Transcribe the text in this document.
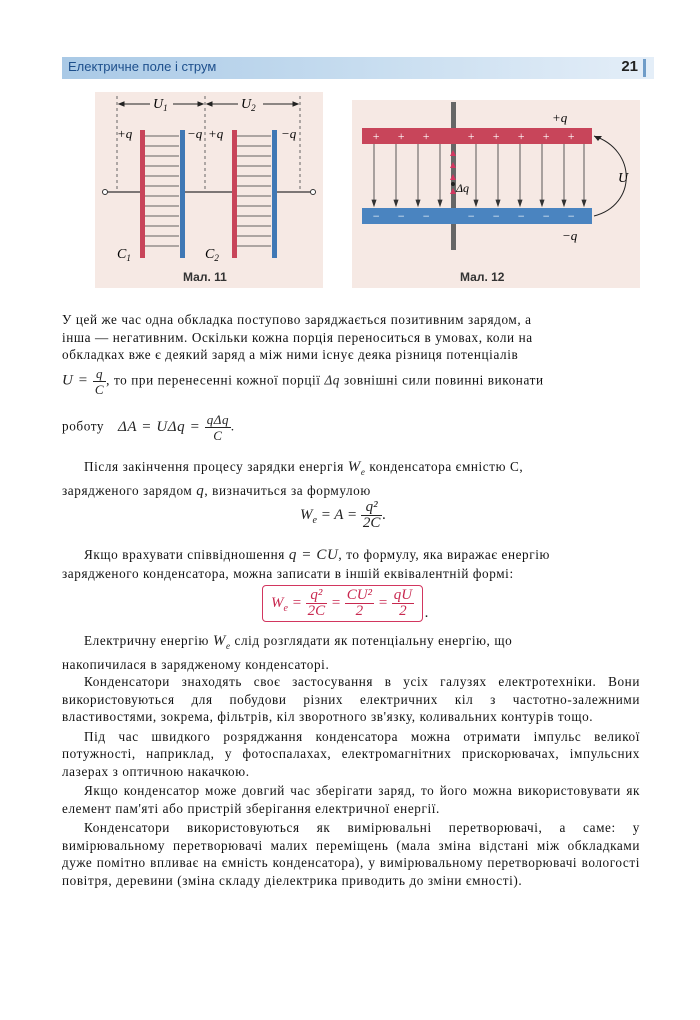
Електричне поле і струм	21
$U_1$	$U_2$
+q	−q +q	−q
$C_1$	$C_2$
Мал. 11
+ + +	+ + + + +
− − −	− − − − −
Δq
U
+q
−q
Мал. 12

У цей же час одна обкладка поступово заряджається позитивним зарядом, а

інша — негативним. Оскільки кожна порція переноситься в умовах, коли на

обкладках вже є деякий заряд а між ними існує деяка різниця потенціалів

$U = \frac{q}{C}$ , то при перенесенні кожної порції Δq зовнішні сили повинні виконати
роботу $\Delta A = U\Delta q = \frac{\text{qΔq}}{C}$ .

Після закінчення процесу зарядки енергія $W_e$ конденсатора ємністю С,

зарядженого зарядом q, визначиться за формулою

$W_e = A = \frac{\text{q²}}{2C}$ .

Якщо врахувати співвідношення q = CU, то формулу, яка виражає енергію

зарядженого конденсатора, можна записати в іншій еквівалентній формі:

$W_e = \frac{\text{q²}}{2C} = \frac{\text{CU²}}{2} = \frac{qU}{2}$ .

Електричну енергію $W_e$ слід розглядати як потенціальну енергію, що

накопичилася в зарядженому конденсаторі.

Конденсатори знаходять своє застосування в усіх галузях електротехніки. Вони використовуються для побудови різних електричних кіл з частотно-залежними властивостями, зокрема, фільтрів, кіл зворотного зв'язку, коливальних контурів тощо.

Під час швидкого розряджання конденсатора можна отримати імпульс великої потужності, наприклад, у фотоспалахах, електромагнітних прискорювачах, імпульсних лазерах з оптичною накачкою.

Якщо конденсатор може довгий час зберігати заряд, то його можна використовувати як елемент пам'яті або пристрій зберігання електричної енергії.

Конденсатори використовуються як вимірювальні перетворювачі, а саме: у вимірювальному перетворювачі малих переміщень (мала зміна відстані між обкладками дуже помітно впливає на ємність конденсатора), у вимірювальному перетворювачі вологості повітря, деревини (зміна складу діелектрика приводить до зміни ємності).
